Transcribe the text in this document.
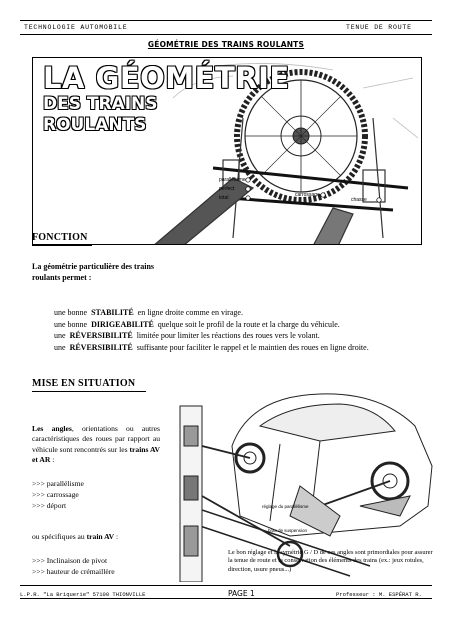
TECHNOLOGIE AUTOMOBILE	TENUE DE ROUTE
GÉOMÉTRIE DES TRAINS ROULANTS
LA GÉOMÉTRIE
DES TRAINS
ROULANTS
parallélisme
perfect
total	carrossage
chasse
FONCTION
La géométrie particulière des trains roulants permet :
une bonne STABILITÉ en ligne droite comme en virage.
une bonne DIRIGEABILITÉ quelque soit le profil de la route et la charge du véhicule.
une RÉVERSIBILITÉ limitée pour limiter les réactions des roues vers le volant.
une RÉVERSIBILITÉ suffisante pour faciliter le rappel et le maintien des roues en ligne droite.
MISE EN SITUATION
Les angles, orientations ou autres caractéristiques des roues par rapport au véhicule sont rencontrés sur les trains AV et AR :
>>> parallélisme
>>> carrossage
>>> déport
ou spécifiques au train AV :
>>> Inclinaison de pivot
>>> hauteur de crémaillère
réglage du parallélisme
bras de suspension
Le bon réglage et la symétrie G / D de ces angles sont primordiales pour assurer la tenue de route et la conservation des éléments des trains (ex.: jeux rotules, direction, usure pneus...)
L.P.R. "La Briquerie" 57100 THIONVILLE	PAGE 1	Professeur : M. ESPÉRAT R.
